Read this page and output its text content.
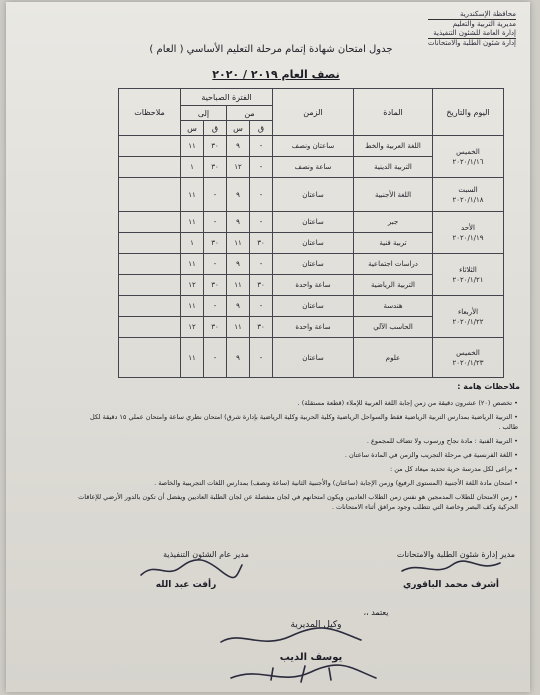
محافظة الإسكندرية
مديرية التربية والتعليم
إدارة العامة للشئون التنفيذية
إدارة شئون الطلبة والامتحانات
جدول امتحان شهادة إتمام مرحلة التعليم الأساسي ( العام )
نصف العام ٢٠١٩ / ٢٠٢٠
اليوم والتاريخ	المادة	الزمن	الفترة الصباحية				ملاحظات
			من		إلى		
			ق	س	ق	س	

الخميس
٢٠٢٠/١/١٦	اللغة العربية والخط	ساعتان ونصف	-	٩	٣٠	١١	
	التربية الدينية	ساعة ونصف	-	١٢	٣٠	١	

السبت
٢٠٢٠/١/١٨	اللغة الأجنبية	ساعتان	-	٩	-	١١	

الأحد
٢٠٢٠/١/١٩	جبر	ساعتان	-	٩	-	١١	
	تربية فنية	ساعتان	٣٠	١١	٣٠	١	

الثلاثاء
٢٠٢٠/١/٢١	دراسات اجتماعية	ساعتان	-	٩	-	١١	
	التربية الرياضية	ساعة واحدة	٣٠	١١	٣٠	١٢	

الأربعاء
٢٠٢٠/١/٢٢	هندسة	ساعتان	-	٩	-	١١	
	الحاسب الآلي	ساعة واحدة	٣٠	١١	٣٠	١٢	

الخميس
٢٠٢٠/١/٢٣	علوم	ساعتان	-	٩	-	١١	
ملاحظات هامة :
• تخصص (٢٠) عشرون دقيقة من زمن إجابة اللغة العربية للإملاء (قطعة مستقلة) .
• التربية الرياضية بمدارس التربية الرياضية فقط والسواحل الرياضية وكلية الحربية وكلية الرياضية بإدارة شرق) امتحان نظري ساعة وامتحان عملي ١٥ دقيقة لكل طالب .
• التربية الفنية : مادة نجاح ورسوب ولا تضاف للمجموع .
• اللغة الفرنسية في مرحلة التجريب والزمن في المادة ساعتان .
• يراعى لكل مدرسة حرية تحديد ميعاد كل من :
• امتحان مادة اللغة الأجنبية (المستوى الرفيع) وزمن الإجابة (ساعتان) والأجنبية الثانية (ساعة ونصف) بمدارس اللغات التجريبية والخاصة .
• زمن الامتحان للطلاب المدمجين هو نفس زمن الطلاب العاديين ويكون امتحانهم في لجان منفصلة عن لجان الطلبة العاديين ويفضل أن تكون بالدور الأرضي للإعاقات الحركية وكف البصر وخاصة التي تتطلب وجود مرافق أثناء الامتحانات .
مدير عام الشئون التنفيذية
رأفت عبد الله
مدير إدارة شئون الطلبة والامتحانات
أشرف محمد الباقوري
يعتمد ،،
وكيل المديرية
يوسف الديب
